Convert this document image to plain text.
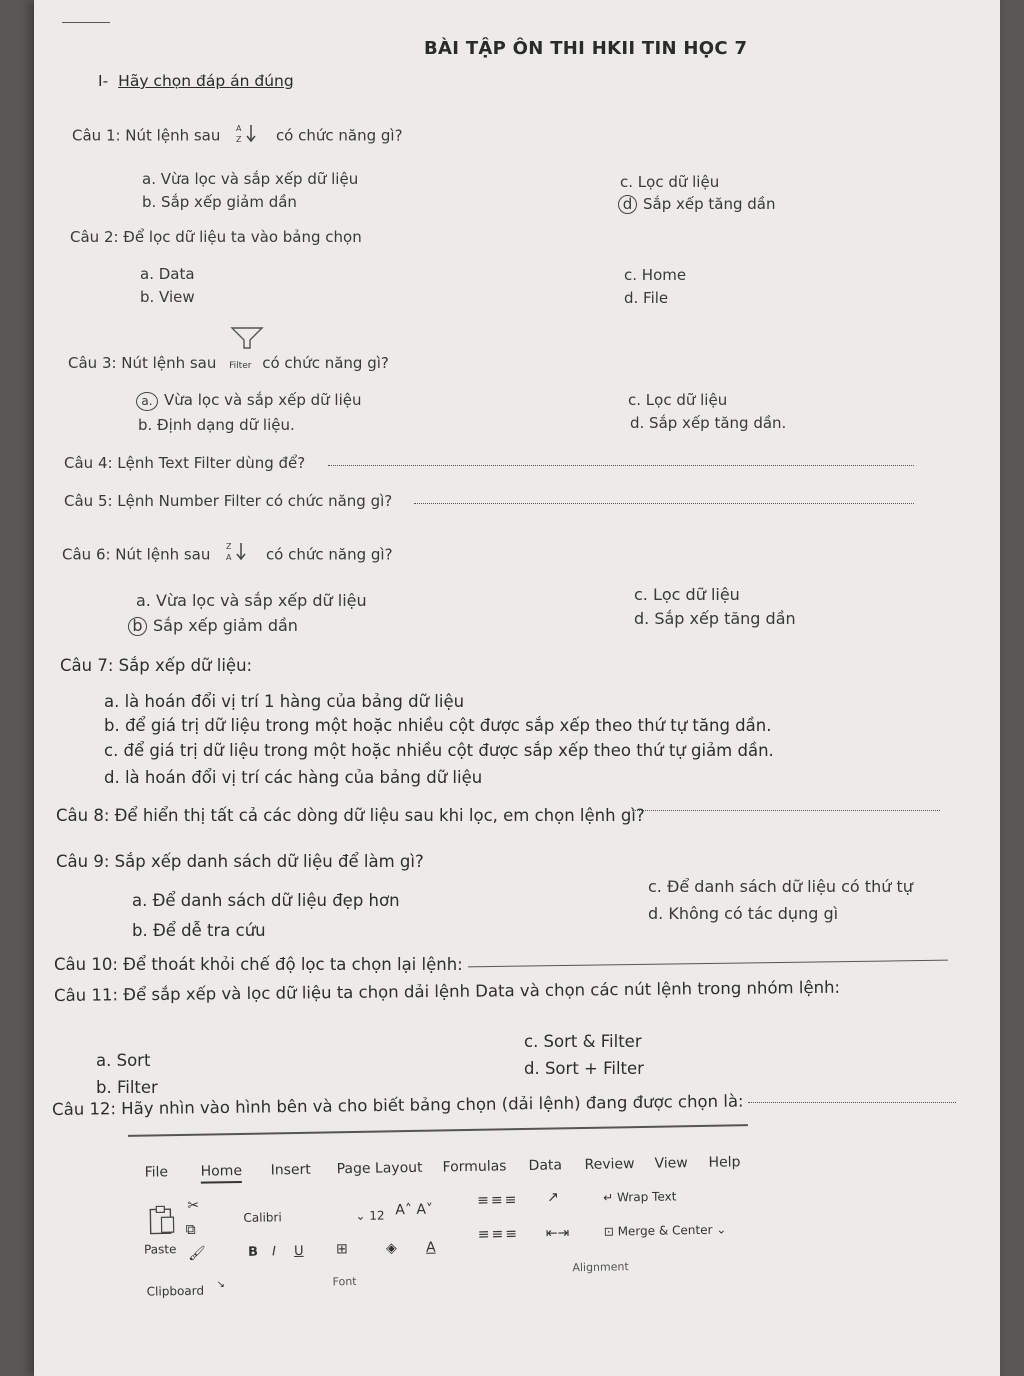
BÀI TẬP ÔN THI HKII TIN HỌC 7
I- Hãy chọn đáp án đúng
Câu 1: Nút lệnh sau A
Z có chức năng gì?
a. Vừa lọc và sắp xếp dữ liệu
b. Sắp xếp giảm dần
c. Lọc dữ liệu
d Sắp xếp tăng dần
Câu 2: Để lọc dữ liệu ta vào bảng chọn
a. Data
b. View
c. Home
d. File
Câu 3: Nút lệnh sau Filter có chức năng gì?
a. Vừa lọc và sắp xếp dữ liệu
b. Định dạng dữ liệu.
c. Lọc dữ liệu
d. Sắp xếp tăng dần.
Câu 4: Lệnh Text Filter dùng để?
Câu 5: Lệnh Number Filter có chức năng gì?
Câu 6: Nút lệnh sau Z
A có chức năng gì?
a. Vừa lọc và sắp xếp dữ liệu
b Sắp xếp giảm dần
c. Lọc dữ liệu
d. Sắp xếp tăng dần
Câu 7: Sắp xếp dữ liệu:
a. là hoán đổi vị trí 1 hàng của bảng dữ liệu
b. để giá trị dữ liệu trong một hoặc nhiều cột được sắp xếp theo thứ tự tăng dần.
c. để giá trị dữ liệu trong một hoặc nhiều cột được sắp xếp theo thứ tự giảm dần.
d. là hoán đổi vị trí các hàng của bảng dữ liệu
Câu 8: Để hiển thị tất cả các dòng dữ liệu sau khi lọc, em chọn lệnh gì?
Câu 9: Sắp xếp danh sách dữ liệu để làm gì?
a. Để danh sách dữ liệu đẹp hơn
b. Để dễ tra cứu
c. Để danh sách dữ liệu có thứ tự
d. Không có tác dụng gì
Câu 10: Để thoát khỏi chế độ lọc ta chọn lại lệnh:
Câu 11: Để sắp xếp và lọc dữ liệu ta chọn dải lệnh Data và chọn các nút lệnh trong nhóm lệnh:
a. Sort
b. Filter
c. Sort & Filter
d. Sort + Filter
Câu 12: Hãy nhìn vào hình bên và cho biết bảng chọn (dải lệnh) đang được chọn là:
File Home Insert Page Layout Formulas Data Review View Help
✂
⧉
🖌
Paste
Clipboard ↘
Calibri	⌄ 12 A˄ A˅
B I U ⊞	◈ A
Font
≡≡≡ ↗
≡≡≡ ⇤⇥
↵ Wrap Text
⊡ Merge & Center ⌄
Alignment
